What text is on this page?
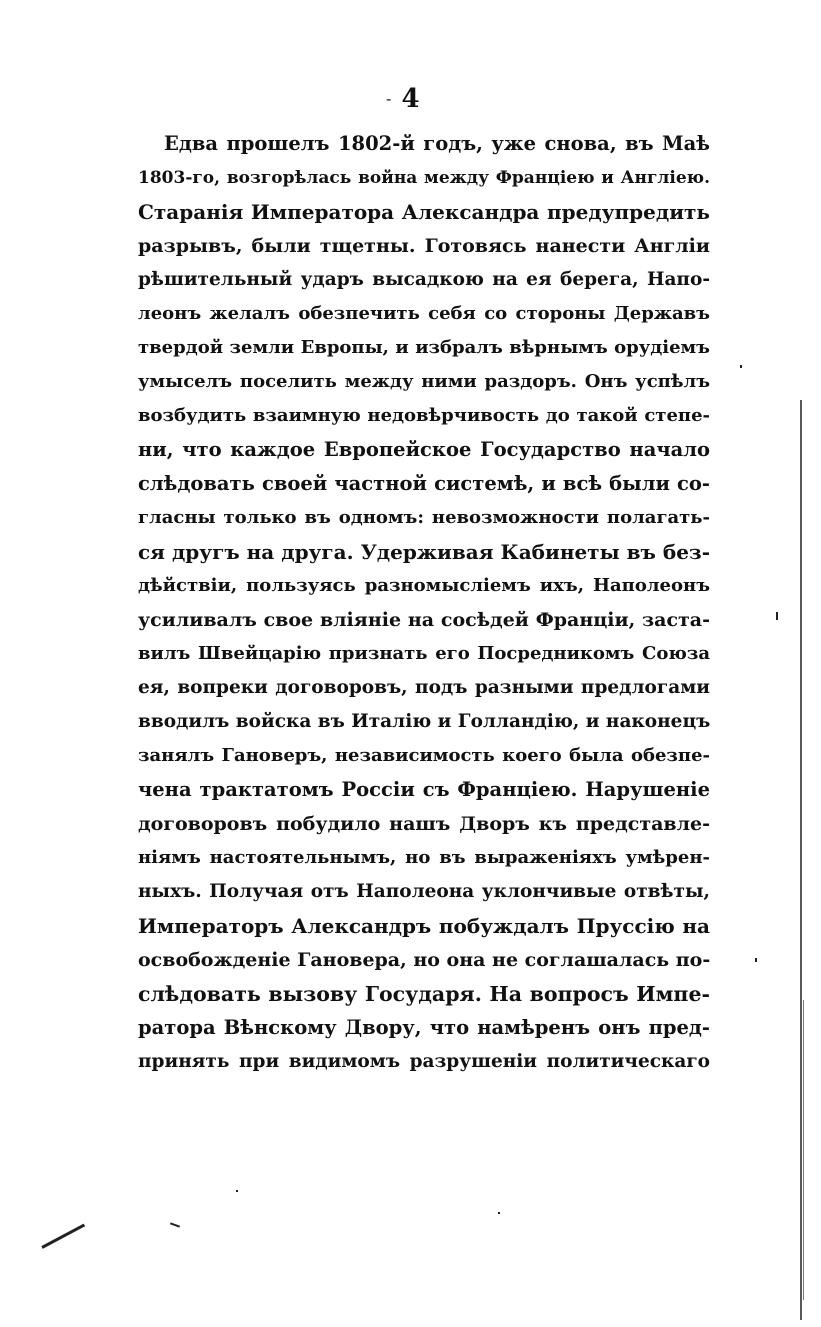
- 4
Едва прошелъ 1802-й годъ, уже снова, въ Маѣ
1803-го, возгорѣлась война между Франціею и Англіею.
Старанія Императора Александра предупредить
разрывъ, были тщетны. Готовясь нанести Англіи
рѣшительный ударъ высадкою на ея берега, Напо-
леонъ желалъ обезпечить себя со стороны Державъ
твердой земли Европы, и избралъ вѣрнымъ орудіемъ
умыселъ поселить между ними раздоръ. Онъ успѣлъ
возбудить взаимную недовѣрчивость до такой степе-
ни, что каждое Европейское Государство начало
слѣдовать своей частной системѣ, и всѣ были со-
гласны только въ одномъ: невозможности полагать-
ся другъ на друга. Удерживая Кабинеты въ без-
дѣйствіи, пользуясь разномысліемъ ихъ, Наполеонъ
усиливалъ свое вліяніе на сосѣдей Франціи, заста-
вилъ Швейцарію признать его Посредникомъ Союза
ея, вопреки договоровъ, подъ разными предлогами
вводилъ войска въ Италію и Голландію, и наконецъ
занялъ Гановеръ, независимость коего была обезпе-
чена трактатомъ Россіи съ Франціею. Нарушеніе
договоровъ побудило нашъ Дворъ къ представле-
ніямъ настоятельнымъ, но въ выраженіяхъ умѣрен-
ныхъ. Получая отъ Наполеона уклончивые отвѣты,
Императоръ Александръ побуждалъ Пруссію на
освобожденіе Гановера, но она не соглашалась по-
слѣдовать вызову Государя. На вопросъ Импе-
ратора Вѣнскому Двору, что намѣренъ онъ пред-
принять при видимомъ разрушеніи политическаго
